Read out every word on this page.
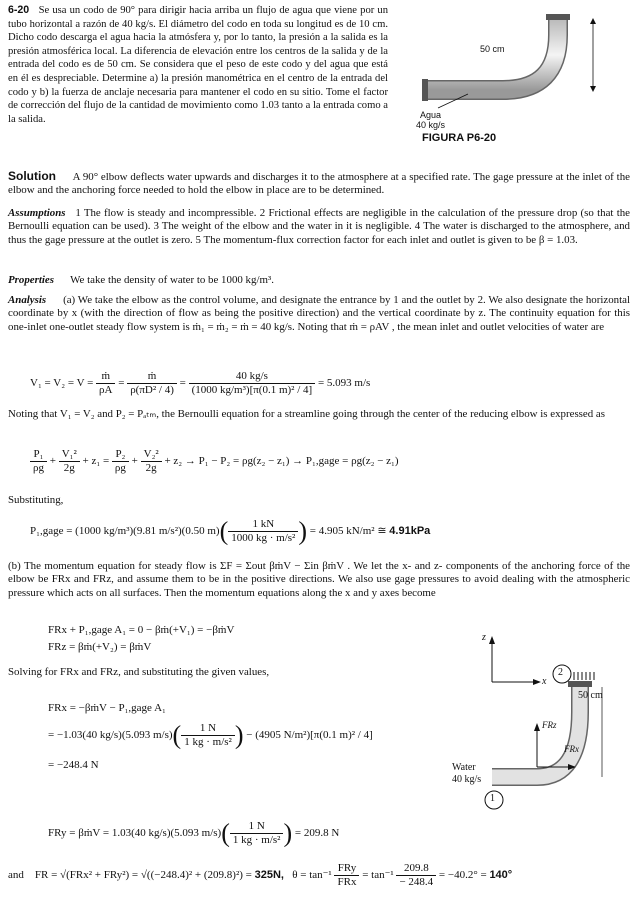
6-20 Se usa un codo de 90° para dirigir hacia arriba un flujo de agua que viene por un tubo horizontal a razón de 40 kg/s. El diámetro del codo en toda su longitud es de 10 cm. Dicho codo descarga el agua hacia la atmósfera y, por lo tanto, la presión a la salida es la presión atmosférica local. La diferencia de elevación entre los centros de la salida y de la entrada del codo es de 50 cm. Se considera que el peso de este codo y del agua que está en él es despreciable. Determine a) la presión manométrica en el centro de la entrada del codo y b) la fuerza de anclaje necesaria para mantener el codo en su sitio. Tome el factor de corrección del flujo de la cantidad de movimiento como 1.03 tanto a la entrada como a la salida.
50 cm
Agua
40 kg/s
FIGURA P6-20
Solution A 90° elbow deflects water upwards and discharges it to the atmosphere at a specified rate. The gage pressure at the inlet of the elbow and the anchoring force needed to hold the elbow in place are to be determined.
Assumptions 1 The flow is steady and incompressible. 2 Frictional effects are negligible in the calculation of the pressure drop (so that the Bernoulli equation can be used). 3 The weight of the elbow and the water in it is negligible. 4 The water is discharged to the atmosphere, and thus the gage pressure at the outlet is zero. 5 The momentum-flux correction factor for each inlet and outlet is given to be β = 1.03.
Properties We take the density of water to be 1000 kg/m³.
Analysis (a) We take the elbow as the control volume, and designate the entrance by 1 and the outlet by 2. We also designate the horizontal coordinate by x (with the direction of flow as being the positive direction) and the vertical coordinate by z. The continuity equation for this one-inlet one-outlet steady flow system is ṁ₁ = ṁ₂ = ṁ = 40 kg/s. Noting that ṁ = ρAV , the mean inlet and outlet velocities of water are
$V_1 = V_2 = V = \frac{\text{ṁ}}{\rho A} = \frac{\text{ṁ}}{\text{ρ(πD² / 4)}} = \frac{40 kg/s}{\text{(1000 kg/m³)[π(0.1 m)² / 4]}} = 5.093$ m/s
Noting that V₁ = V₂ and P₂ = Pₐₜₘ, the Bernoulli equation for a streamline going through the center of the reducing elbow is expressed as
$\frac{\text{P₁}}{\rho g} + \frac{\text{V₁²}}{2g} + z_1 = \frac{\text{P₂}}{\rho g} + \frac{\text{V₂²}}{2g} + z_2 \to P_1 - P_2 = \rho g(z_2 - z_1)$ → P₁,gage = ρg(z₂ − z₁)
Substituting,
P₁,gage = (1000 kg/m³)(9.81 m/s²)(0.50 $m)( \frac{1 kN}{\text{1000 kg · m/s²}}$ ) = 4.905 kN/m² ≅ 4.91kPa
(b) The momentum equation for steady flow is ΣF = Σout βṁV − Σin βṁV . We let the x- and z- components of the anchoring force of the elbow be FRx and FRz, and assume them to be in the positive directions. We also use gage pressures to avoid dealing with the atmospheric pressure which acts on all surfaces. Then the momentum equations along the x and y axes become
FRx + P₁,gage A₁ = 0 − βṁ(+V₁) = −βṁV
FRz = βṁ(+V₂) = βṁV
Solving for FRx and FRz, and substituting the given values,
FRx = −βṁV − P₁,gage A₁
= −1.03(40 kg/s)(5.093 $m/s)( \frac{1 N}{\text{1 kg · m/s²}}$ ) − (4905 N/m²)[π(0.1 m)² / 4]
= −248.4 N
FRy = βṁV = 1.03(40 kg/s)(5.093 $m/s)( \frac{1 N}{\text{1 kg · m/s²}}$ ) = 209.8 N
and FR = √(FRx² + FRy²) = √((−248.4)² + (209.8)²) = 325N, $\theta = \tan^{-1} \frac{\text{FRy}}{\text{FRx}} = \tan^{-1} \frac{209.8}{- 248.4} = -40.2^\circ = 140^\circ$
z
x
2
50 cm
FRz
FRx
Water
40 kg/s
1
